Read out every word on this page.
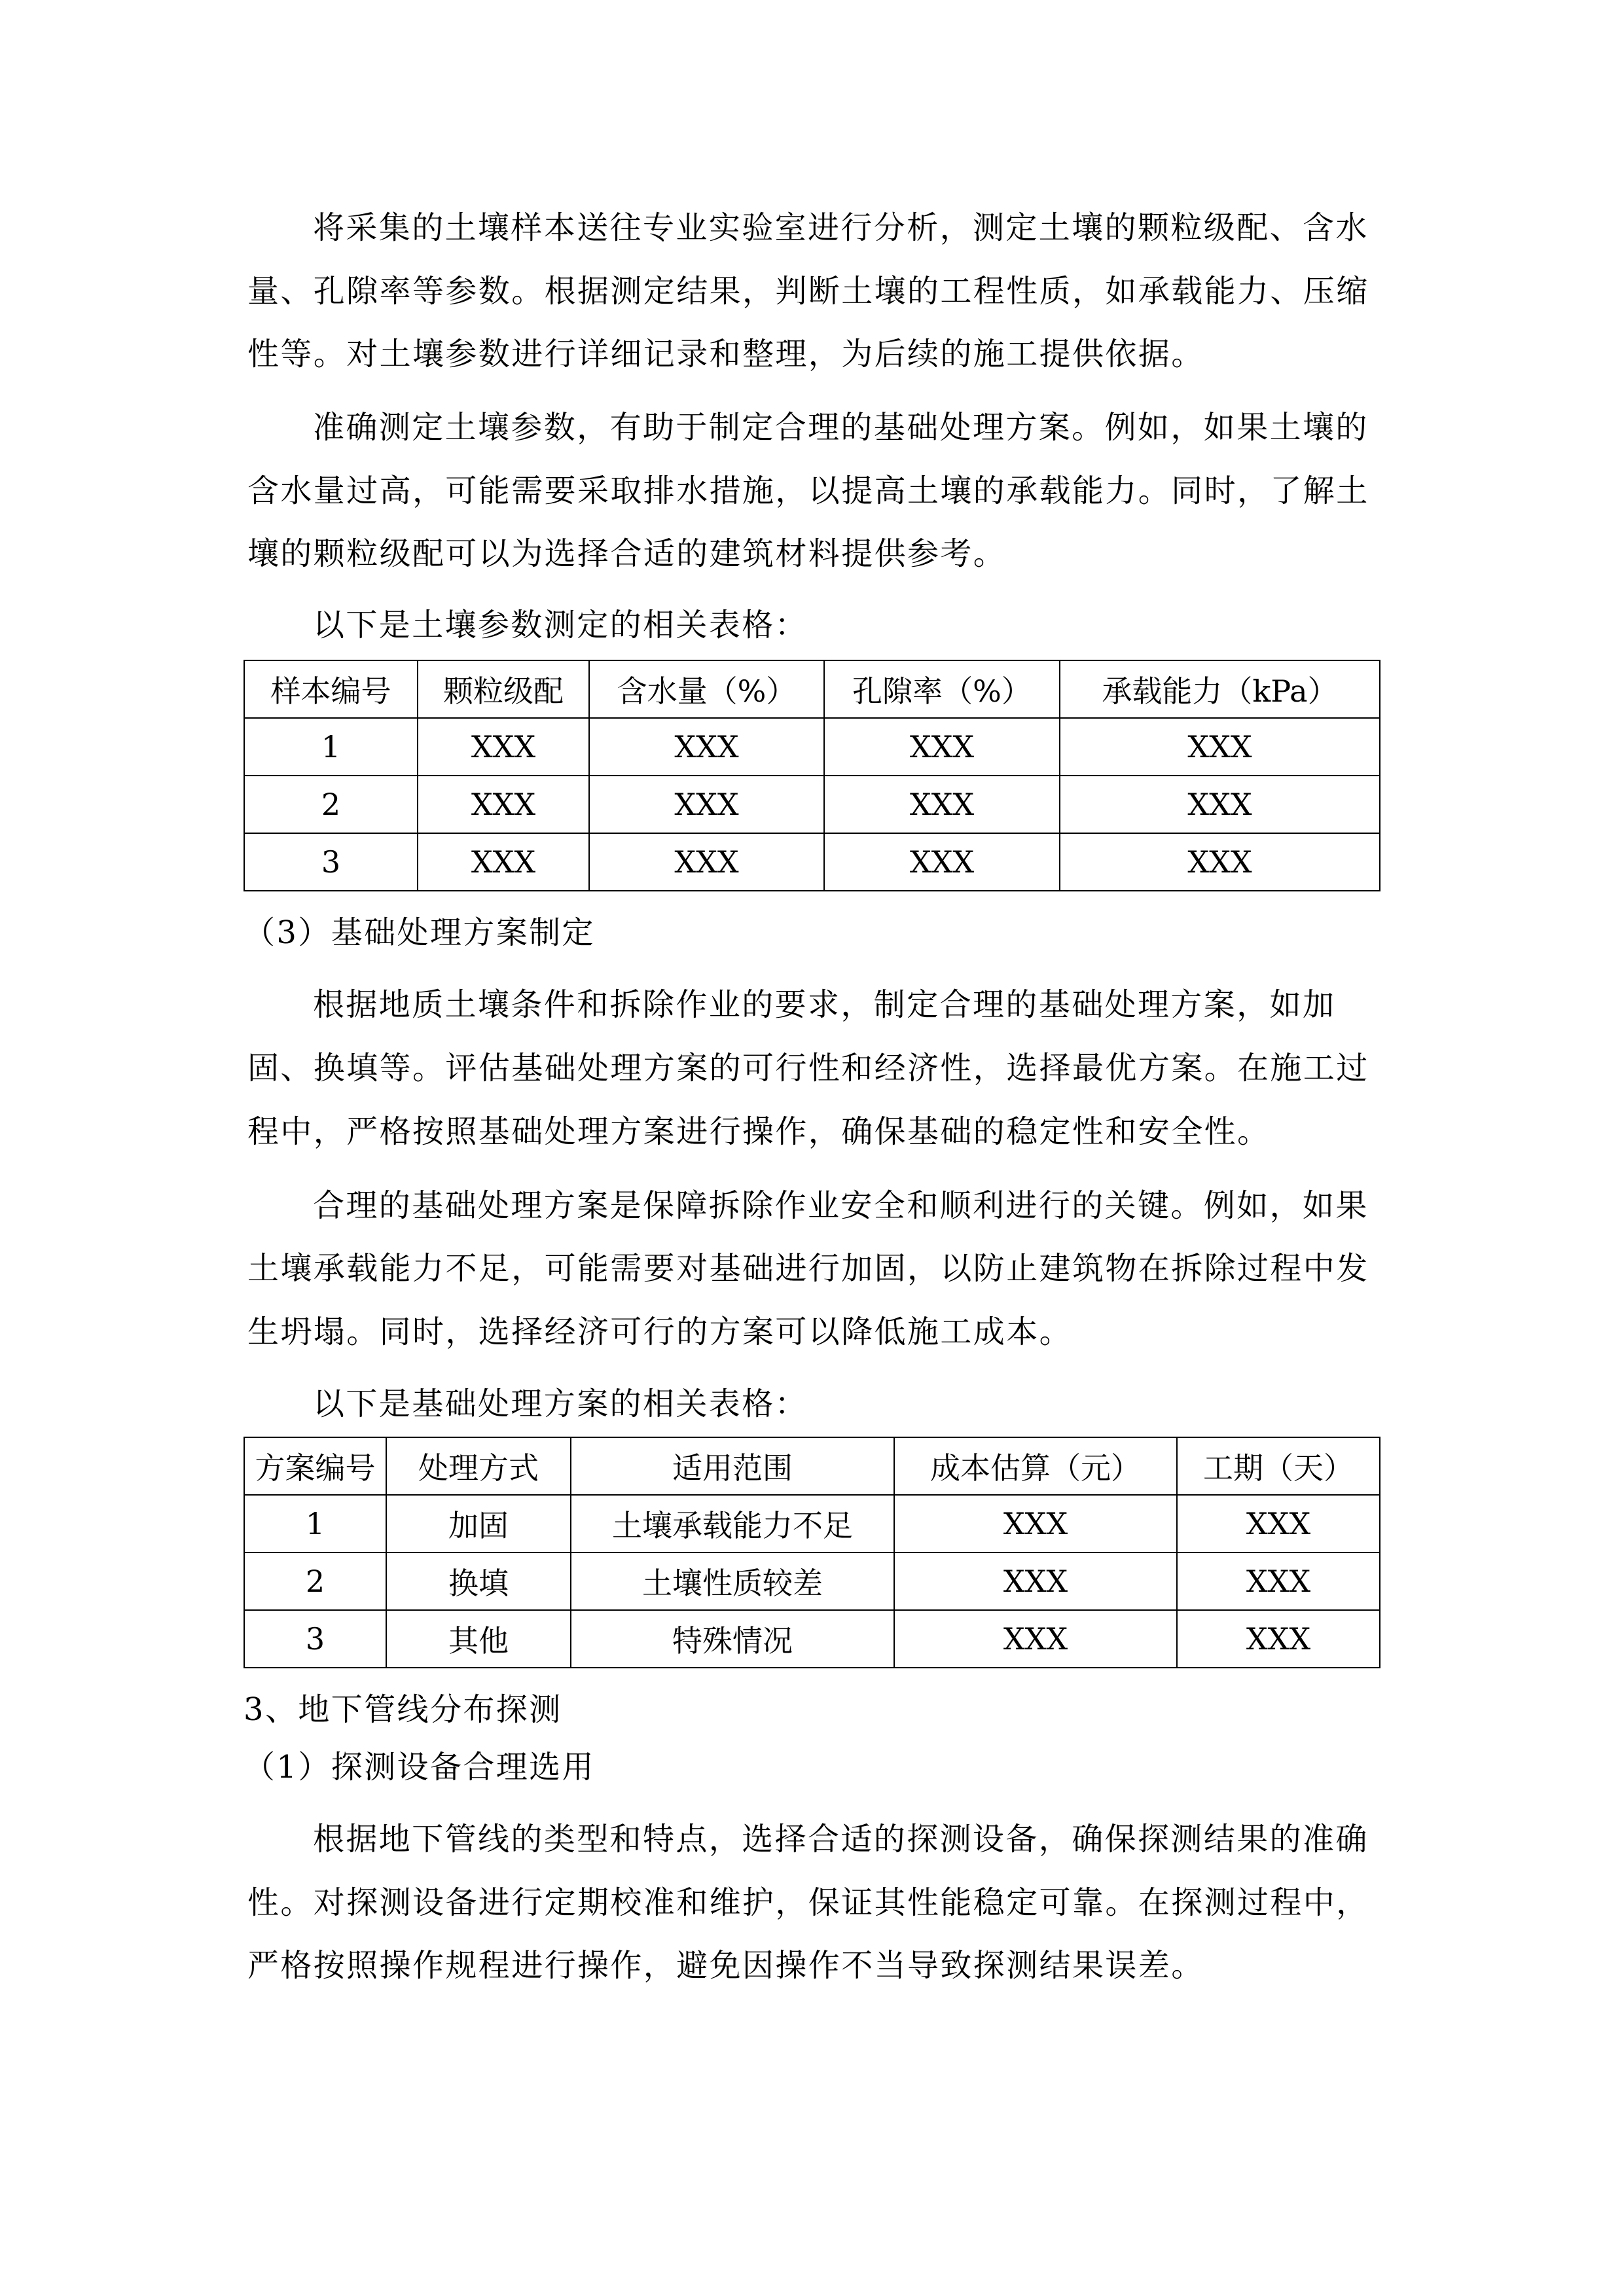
将采集的土壤样本送往专业实验室进行分析，测定土壤的颗粒级配、含水
量、孔隙率等参数。根据测定结果，判断土壤的工程性质，如承载能力、压缩
性等。对土壤参数进行详细记录和整理，为后续的施工提供依据。
准确测定土壤参数，有助于制定合理的基础处理方案。例如，如果土壤的
含水量过高，可能需要采取排水措施，以提高土壤的承载能力。同时，了解土
壤的颗粒级配可以为选择合适的建筑材料提供参考。
以下是土壤参数测定的相关表格：
样本编号	颗粒级配	含水量（%）	孔隙率（%）	承载能力（kPa）
1	XXX	XXX	XXX	XXX
2	XXX	XXX	XXX	XXX
3	XXX	XXX	XXX	XXX
（3）基础处理方案制定
根据地质土壤条件和拆除作业的要求，制定合理的基础处理方案，如加
固、换填等。评估基础处理方案的可行性和经济性，选择最优方案。在施工过
程中，严格按照基础处理方案进行操作，确保基础的稳定性和安全性。
合理的基础处理方案是保障拆除作业安全和顺利进行的关键。例如，如果
土壤承载能力不足，可能需要对基础进行加固，以防止建筑物在拆除过程中发
生坍塌。同时，选择经济可行的方案可以降低施工成本。
以下是基础处理方案的相关表格：
方案编号	处理方式	适用范围	成本估算（元）	工期（天）
1	加固	土壤承载能力不足	XXX	XXX
2	换填	土壤性质较差	XXX	XXX
3	其他	特殊情况	XXX	XXX
3、地下管线分布探测
（1）探测设备合理选用
根据地下管线的类型和特点，选择合适的探测设备，确保探测结果的准确
性。对探测设备进行定期校准和维护，保证其性能稳定可靠。在探测过程中，
严格按照操作规程进行操作，避免因操作不当导致探测结果误差。
